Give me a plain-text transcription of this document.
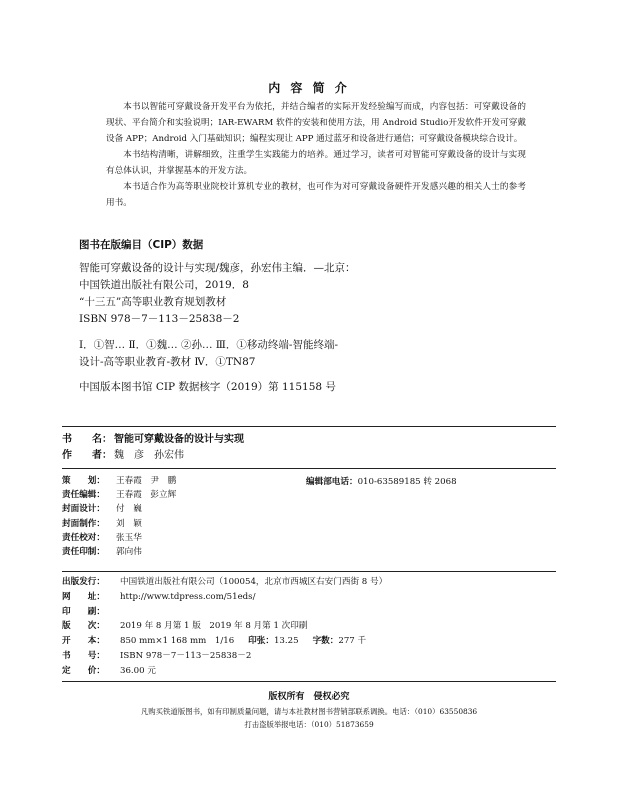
内 容 简 介

本书以智能可穿戴设备开发平台为依托，并结合编者的实际开发经验编写而成，内容包括：可穿戴设备的现状、平台简介和实验说明；IAR-EWARM 软件的安装和使用方法，用 Android Studio开发软件开发可穿戴设备 APP；Android 入门基础知识；编程实现让 APP 通过蓝牙和设备进行通信；可穿戴设备模块综合设计。

本书结构清晰，讲解细致，注重学生实践能力的培养。通过学习，读者可对智能可穿戴设备的设计与实现有总体认识，并掌握基本的开发方法。

本书适合作为高等职业院校计算机专业的教材，也可作为对可穿戴设备硬件开发感兴趣的相关人士的参考用书。

图书在版编目（CIP）数据
智能可穿戴设备的设计与实现/魏彦，孙宏伟主编．—北京：
中国铁道出版社有限公司，2019．8
“十三五”高等职业教育规划教材
ISBN 978－7－113－25838－2
Ⅰ．①智… Ⅱ．①魏… ②孙… Ⅲ．①移动终端-智能终端-
设计-高等职业教育-教材 Ⅳ．①TN87
中国版本图书馆 CIP 数据核字（2019）第 115158 号
书　　名： 智能可穿戴设备的设计与实现
作　　者： 魏　彦　孙宏伟
策　　划： 王春霞　尹　鹏
责任编辑： 王春霞　彭立辉
封面设计： 付　巍
封面制作： 刘　颖
责任校对： 张玉华
责任印制： 郭向伟
编辑部电话：010-63589185 转 2068
出版发行： 中国铁道出版社有限公司（100054，北京市西城区右安门西街 8 号）
网　　址： http://www.tdpress.com/51eds/
印　　刷：
版　　次： 2019 年 8 月第 1 版　2019 年 8 月第 1 次印刷
开　　本： 850 mm×1 168 mm　1/16 印张：13.25 字数：277 千
书　　号： ISBN 978－7－113－25838－2
定　　价： 36.00 元
版权所有　侵权必究
凡购买铁道版图书，如有印制质量问题，请与本社教材图书营销部联系调换。电话：（010）63550836
打击盗版举报电话：（010）51873659
